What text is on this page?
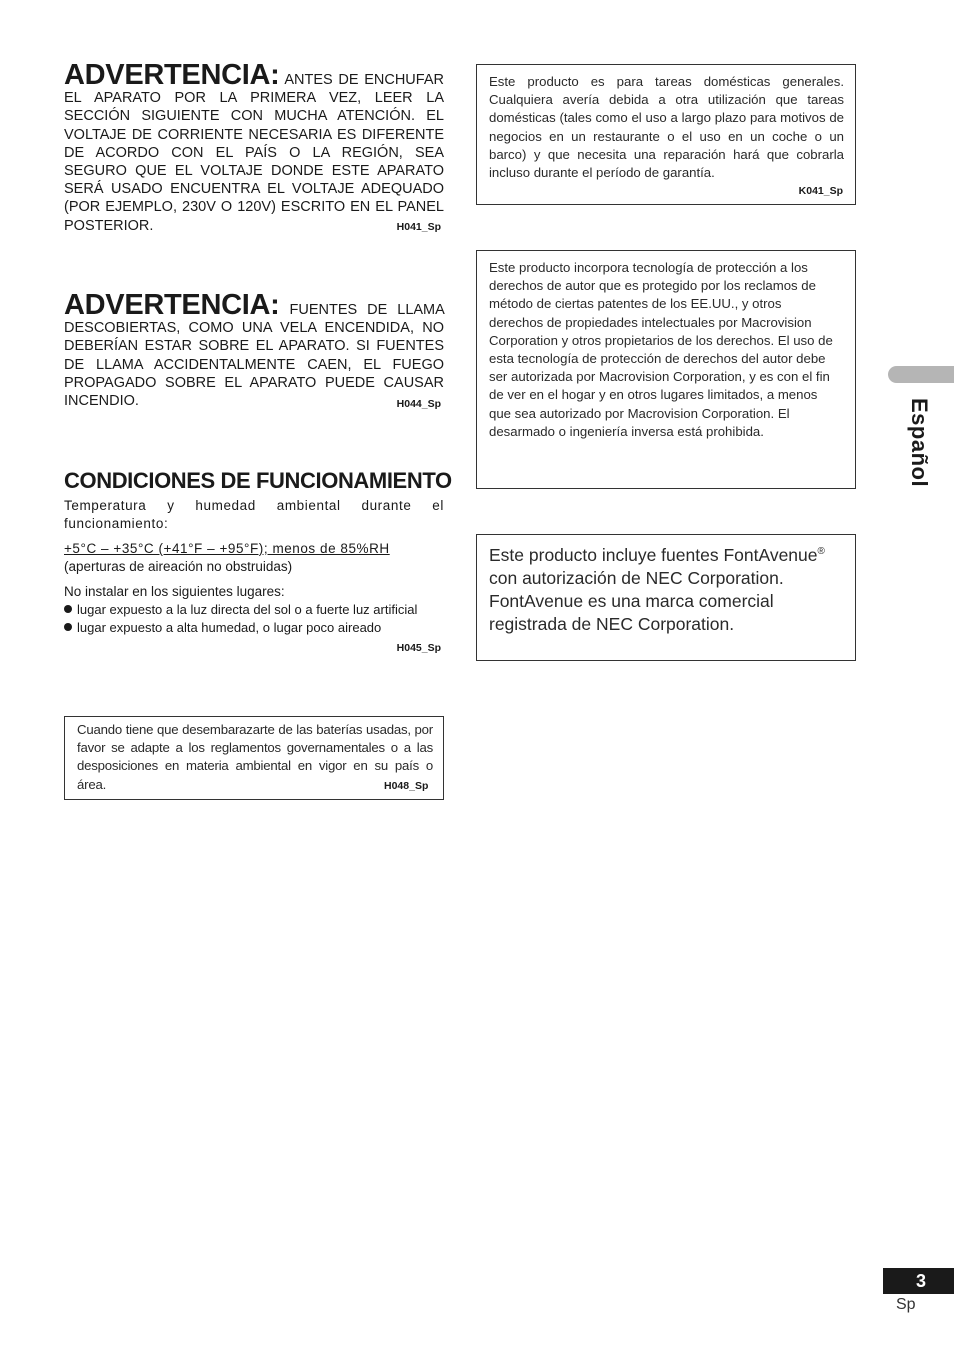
ADVERTENCIA: ANTES DE ENCHUFAR EL APARATO POR LA PRIMERA VEZ, LEER LA SECCIÓN SIGUIENTE CON MUCHA ATENCIÓN. EL VOLTAJE DE CORRIENTE NECESARIA ES DIFERENTE DE ACORDO CON EL PAÍS O LA REGIÓN, SEA SEGURO QUE EL VOLTAJE DONDE ESTE APARATO SERÁ USADO ENCUENTRA EL VOLTAJE ADEQUADO (POR EJEMPLO, 230V O 120V) ESCRITO EN EL PANEL POSTERIOR.	H041_Sp
ADVERTENCIA: FUENTES DE LLAMA DESCOBIERTAS, COMO UNA VELA ENCENDIDA, NO DEBERÍAN ESTAR SOBRE EL APARATO. SI FUENTES DE LLAMA ACCIDENTALMENTE CAEN, EL FUEGO PROPAGADO SOBRE EL APARATO PUEDE CAUSAR INCENDIO.	H044_Sp
CONDICIONES DE FUNCIONAMIENTO
Temperatura y humedad ambiental durante el funcionamiento:
+5°C – +35°C (+41°F – +95°F); menos de 85%RH
(aperturas de aireación no obstruidas)
No instalar en los siguientes lugares:
lugar expuesto a la luz directa del sol o a fuerte luz artificial
lugar expuesto a alta humedad, o lugar poco aireado
H045_Sp
Cuando tiene que desembarazarte de las baterías usadas, por favor se adapte a los reglamentos governamentales o a las desposiciones en materia ambiental en vigor en su país o área.	H048_Sp
Este producto es para tareas domésticas generales. Cualquiera avería debida a otra utilización que tareas domésticas (tales como el uso a largo plazo para motivos de negocios en un restaurante o el uso en un coche o un barco) y que necesita una reparación hará que cobrarla incluso durante el período de garantía.
K041_Sp
Este producto incorpora tecnología de protección a los derechos de autor que es protegido por los reclamos de método de ciertas patentes de los EE.UU., y otros derechos de propiedades intelectuales por Macrovision Corporation y otros propietarios de los derechos. El uso de esta tecnología de protección de derechos del autor debe ser autorizada por Macrovision Corporation, y es con el fin de ver en el hogar y en otros lugares limitados, a menos que sea autorizado por Macrovision Corporation. El desarmado o ingeniería inversa está prohibida.
Este producto incluye fuentes FontAvenue® con autorización de NEC Corporation. FontAvenue es una marca comercial registrada de NEC Corporation.
Español
3
Sp
